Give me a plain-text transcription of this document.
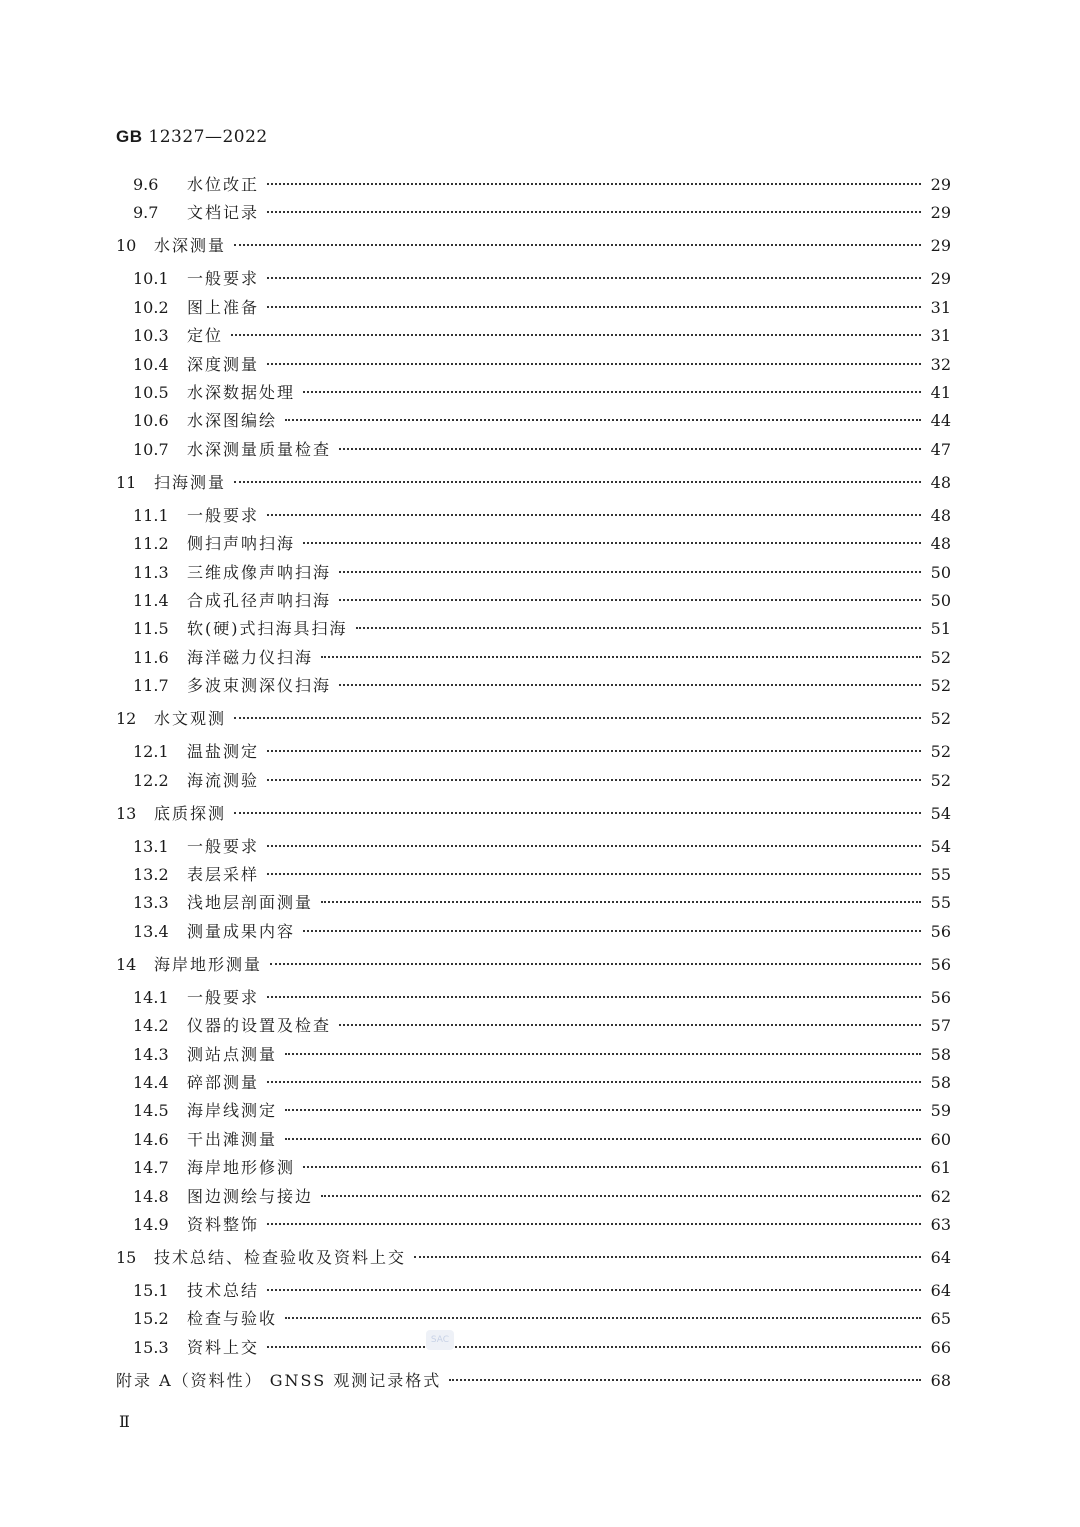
GB 12327—2022
9.6	水位改正	29
9.7	文档记录	29
10	水深测量	29
10.1	一般要求	29
10.2	图上准备	31
10.3	定位	31
10.4	深度测量	32
10.5	水深数据处理	41
10.6	水深图编绘	44
10.7	水深测量质量检查	47
11	扫海测量	48
11.1	一般要求	48
11.2	侧扫声呐扫海	48
11.3	三维成像声呐扫海	50
11.4	合成孔径声呐扫海	50
11.5	软(硬)式扫海具扫海	51
11.6	海洋磁力仪扫海	52
11.7	多波束测深仪扫海	52
12	水文观测	52
12.1	温盐测定	52
12.2	海流测验	52
13	底质探测	54
13.1	一般要求	54
13.2	表层采样	55
13.3	浅地层剖面测量	55
13.4	测量成果内容	56
14	海岸地形测量	56
14.1	一般要求	56
14.2	仪器的设置及检查	57
14.3	测站点测量	58
14.4	碎部测量	58
14.5	海岸线测定	59
14.6	干出滩测量	60
14.7	海岸地形修测	61
14.8	图边测绘与接边	62
14.9	资料整饰	63
15	技术总结、检查验收及资料上交	64
15.1	技术总结	64
15.2	检查与验收	65
15.3	资料上交	66
附录 A（资料性） GNSS 观测记录格式	68
SAC
Ⅱ
